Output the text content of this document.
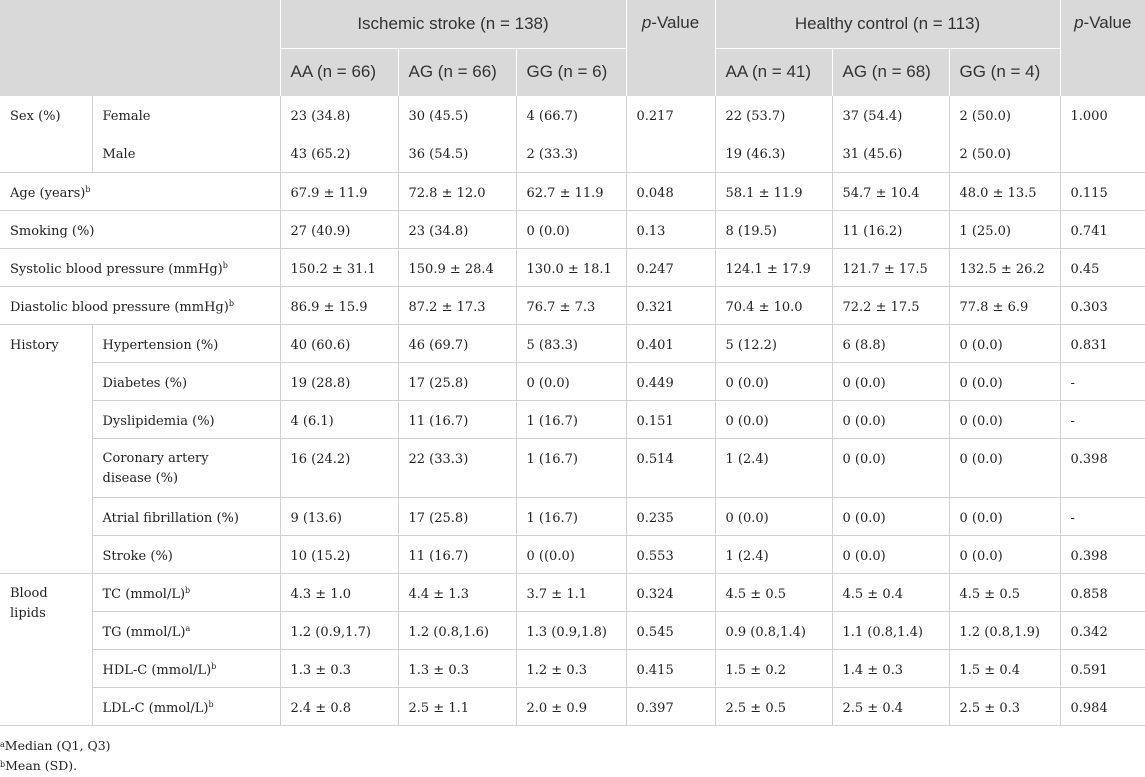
		Ischemic stroke (n = 138)			p-Value	Healthy control (n = 113)			p-Value
		AA (n = 66)	AG (n = 66)	GG (n = 6)		AA (n = 41)	AG (n = 68)	GG (n = 4)	
Sex (%)	Female	23 (34.8)	30 (45.5)	4 (66.7)	0.217	22 (53.7)	37 (54.4)	2 (50.0)	1.000
	Male	43 (65.2)	36 (54.5)	2 (33.3)		19 (46.3)	31 (45.6)	2 (50.0)	
Age (years)$^b$		67.9 ± 11.9	72.8 ± 12.0	62.7 ± 11.9	0.048	58.1 ± 11.9	54.7 ± 10.4	48.0 ± 13.5	0.115
Smoking (%)		27 (40.9)	23 (34.8)	0 (0.0)	0.13	8 (19.5)	11 (16.2)	1 (25.0)	0.741
Systolic blood pressure (mmHg)$^b$		150.2 ± 31.1	150.9 ± 28.4	130.0 ± 18.1	0.247	124.1 ± 17.9	121.7 ± 17.5	132.5 ± 26.2	0.45
Diastolic blood pressure (mmHg)$^b$		86.9 ± 15.9	87.2 ± 17.3	76.7 ± 7.3	0.321	70.4 ± 10.0	72.2 ± 17.5	77.8 ± 6.9	0.303
History	Hypertension (%)	40 (60.6)	46 (69.7)	5 (83.3)	0.401	5 (12.2)	6 (8.8)	0 (0.0)	0.831
	Diabetes (%)	19 (28.8)	17 (25.8)	0 (0.0)	0.449	0 (0.0)	0 (0.0)	0 (0.0)	-
	Dyslipidemia (%)	4 (6.1)	11 (16.7)	1 (16.7)	0.151	0 (0.0)	0 (0.0)	0 (0.0)	-
	Coronary artery disease (%)	16 (24.2)	22 (33.3)	1 (16.7)	0.514	1 (2.4)	0 (0.0)	0 (0.0)	0.398
	Atrial fibrillation (%)	9 (13.6)	17 (25.8)	1 (16.7)	0.235	0 (0.0)	0 (0.0)	0 (0.0)	-
	Stroke (%)	10 (15.2)	11 (16.7)	0 ((0.0)	0.553	1 (2.4)	0 (0.0)	0 (0.0)	0.398
Blood lipids	TC (mmol/L)$^b$	4.3 ± 1.0	4.4 ± 1.3	3.7 ± 1.1	0.324	4.5 ± 0.5	4.5 ± 0.4	4.5 ± 0.5	0.858
	TG (mmol/L)$^a$	1.2 (0.9,1.7)	1.2 (0.8,1.6)	1.3 (0.9,1.8)	0.545	0.9 (0.8,1.4)	1.1 (0.8,1.4)	1.2 (0.8,1.9)	0.342
	HDL-C (mmol/L)$^b$	1.3 ± 0.3	1.3 ± 0.3	1.2 ± 0.3	0.415	1.5 ± 0.2	1.4 ± 0.3	1.5 ± 0.4	0.591
	LDL-C (mmol/L)$^b$	2.4 ± 0.8	2.5 ± 1.1	2.0 ± 0.9	0.397	2.5 ± 0.5	2.5 ± 0.4	2.5 ± 0.3	0.984
$^a$Median (Q1, Q3)
$^b$Mean (SD).
